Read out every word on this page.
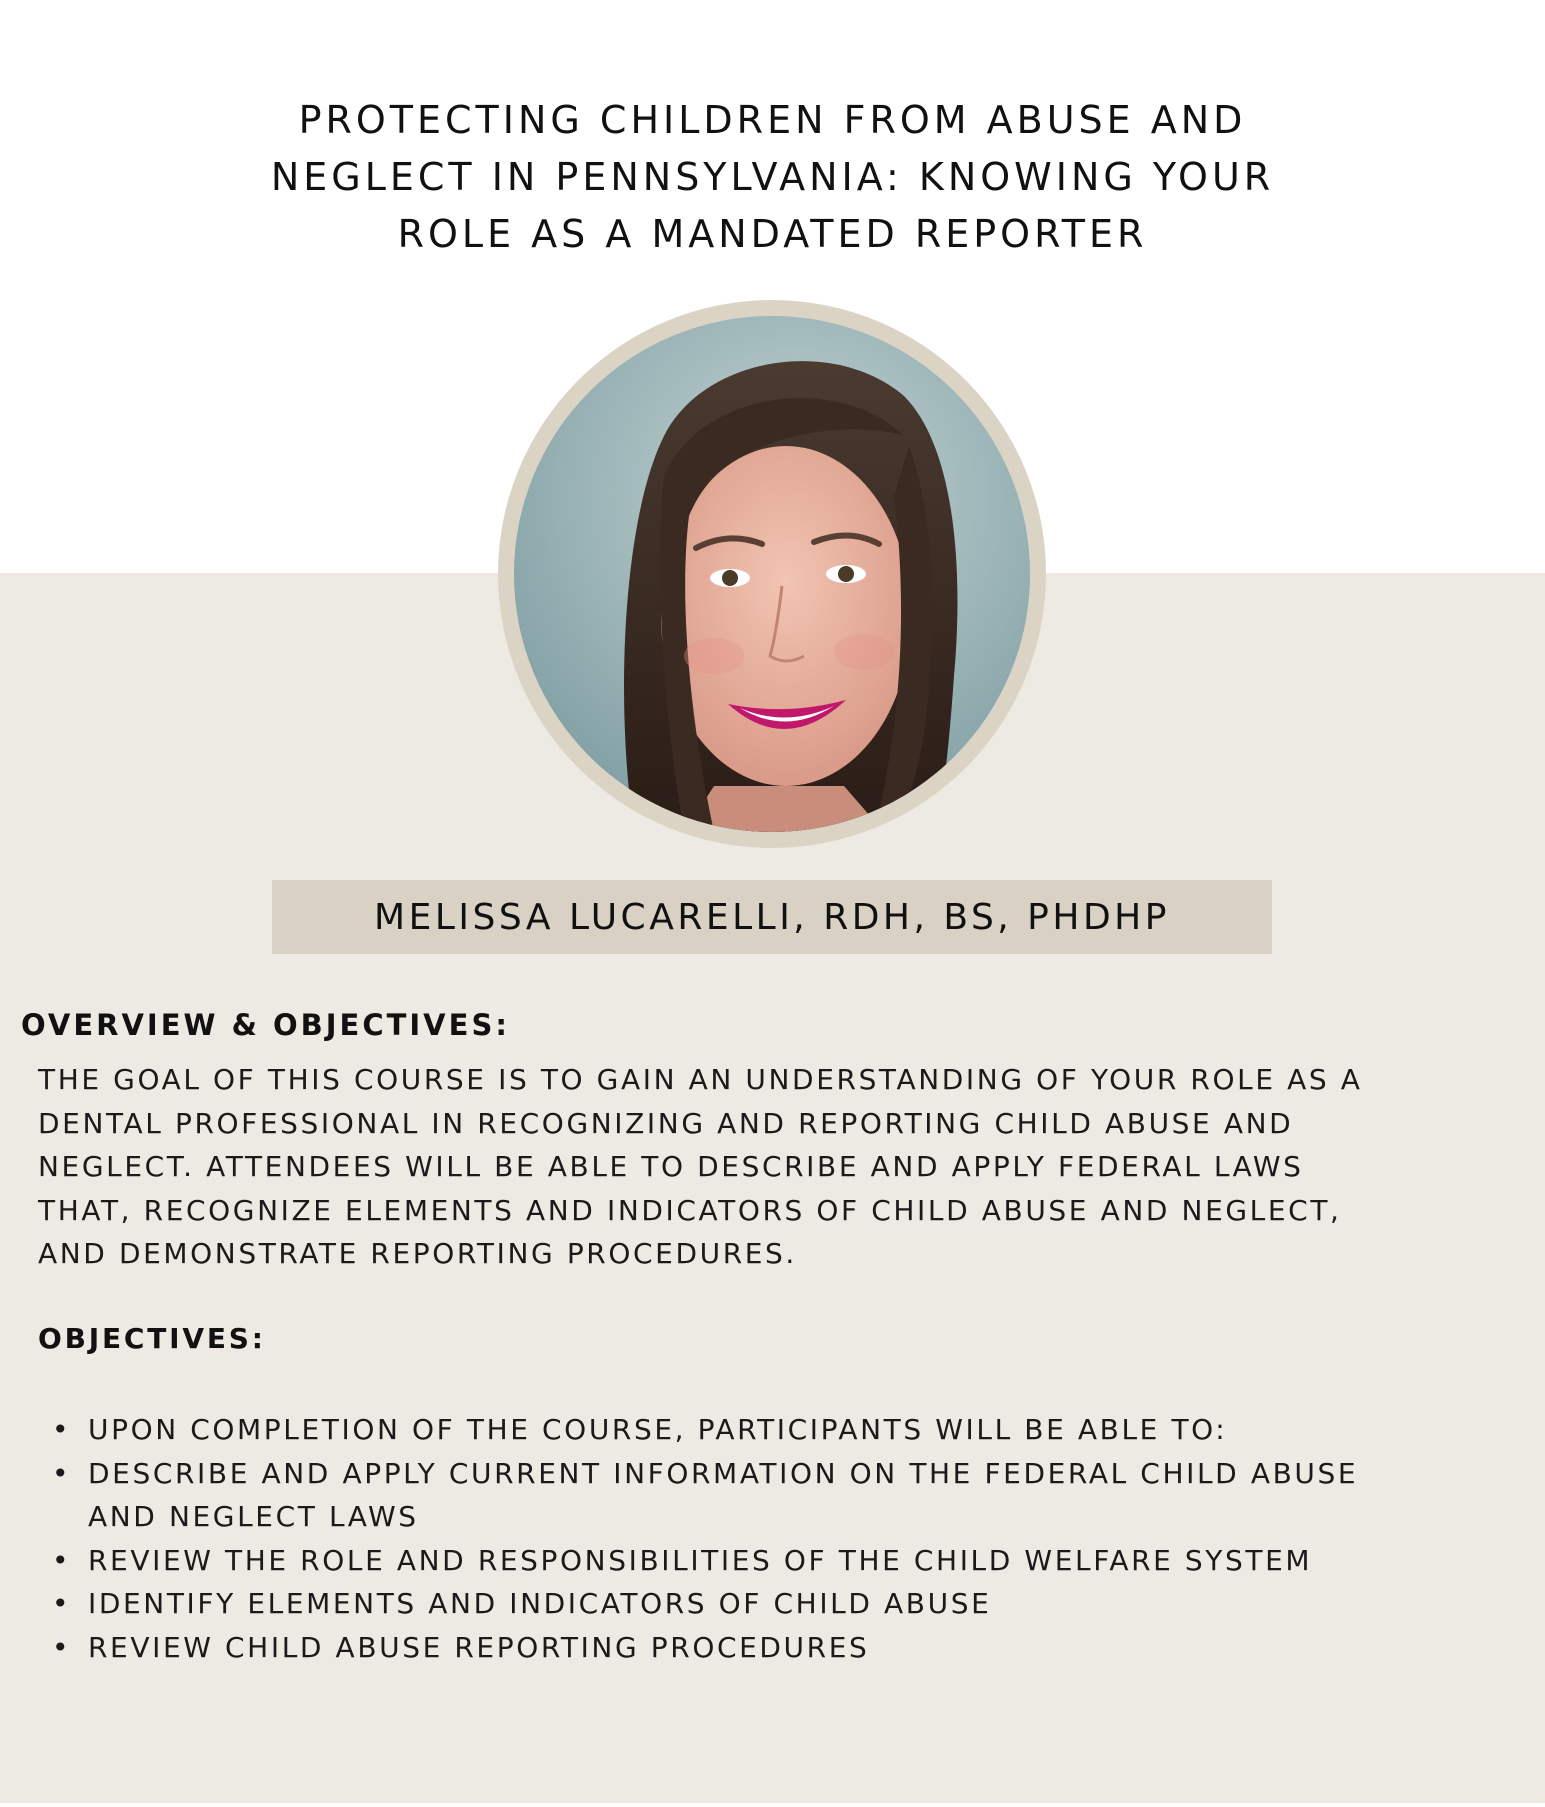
PROTECTING CHILDREN FROM ABUSE AND
NEGLECT IN PENNSYLVANIA: KNOWING YOUR
ROLE AS A MANDATED REPORTER
MELISSA LUCARELLI, RDH, BS, PHDHP
OVERVIEW & OBJECTIVES:
THE GOAL OF THIS COURSE IS TO GAIN AN UNDERSTANDING OF YOUR ROLE AS A
DENTAL PROFESSIONAL IN RECOGNIZING AND REPORTING CHILD ABUSE AND
NEGLECT. ATTENDEES WILL BE ABLE TO DESCRIBE AND APPLY FEDERAL LAWS
THAT, RECOGNIZE ELEMENTS AND INDICATORS OF CHILD ABUSE AND NEGLECT,
AND DEMONSTRATE REPORTING PROCEDURES.
OBJECTIVES:
• UPON COMPLETION OF THE COURSE, PARTICIPANTS WILL BE ABLE TO:
• DESCRIBE AND APPLY CURRENT INFORMATION ON THE FEDERAL CHILD ABUSE
AND NEGLECT LAWS
• REVIEW THE ROLE AND RESPONSIBILITIES OF THE CHILD WELFARE SYSTEM
• IDENTIFY ELEMENTS AND INDICATORS OF CHILD ABUSE
• REVIEW CHILD ABUSE REPORTING PROCEDURES
